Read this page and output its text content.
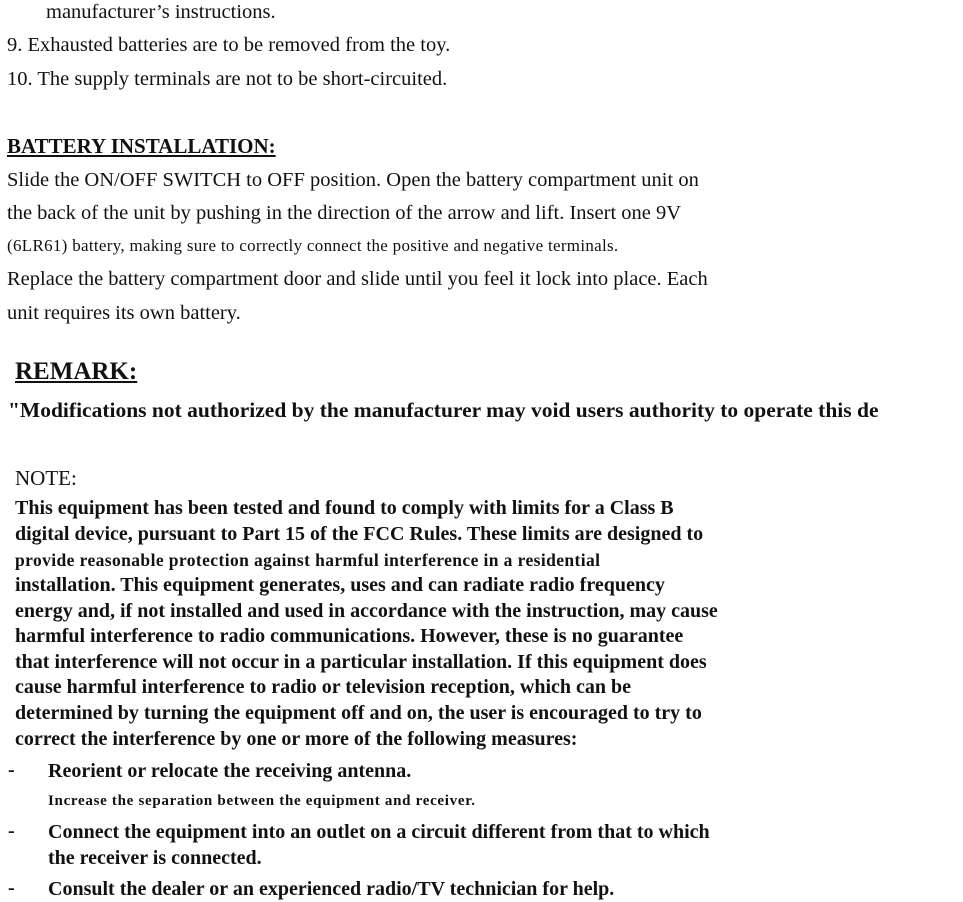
manufacturer’s instructions.
9. Exhausted batteries are to be removed from the toy.
10. The supply terminals are not to be short-circuited.
BATTERY INSTALLATION:
Slide the ON/OFF SWITCH to OFF position. Open the battery compartment unit on
the back of the unit by pushing in the direction of the arrow and lift. Insert one 9V
(6LR61) battery, making sure to correctly connect the positive and negative terminals.
Replace the battery compartment door and slide until you feel it lock into place. Each
unit requires its own battery.
REMARK:
"Modifications not authorized by the manufacturer may void users authority to operate this de
NOTE:
This equipment has been tested and found to comply with limits for a Class B
digital device, pursuant to Part 15 of the FCC Rules. These limits are designed to
provide reasonable protection against harmful interference in a residential
installation. This equipment generates, uses and can radiate radio frequency
energy and, if not installed and used in accordance with the instruction, may cause
harmful interference to radio communications. However, these is no guarantee
that interference will not occur in a particular installation. If this equipment does
cause harmful interference to radio or television reception, which can be
determined by turning the equipment off and on, the user is encouraged to try to
correct the interference by one or more of the following measures:
- Reorient or relocate the receiving antenna.
Increase the separation between the equipment and receiver.
- Connect the equipment into an outlet on a circuit different from that to which
the receiver is connected.
- Consult the dealer or an experienced radio/TV technician for help.
